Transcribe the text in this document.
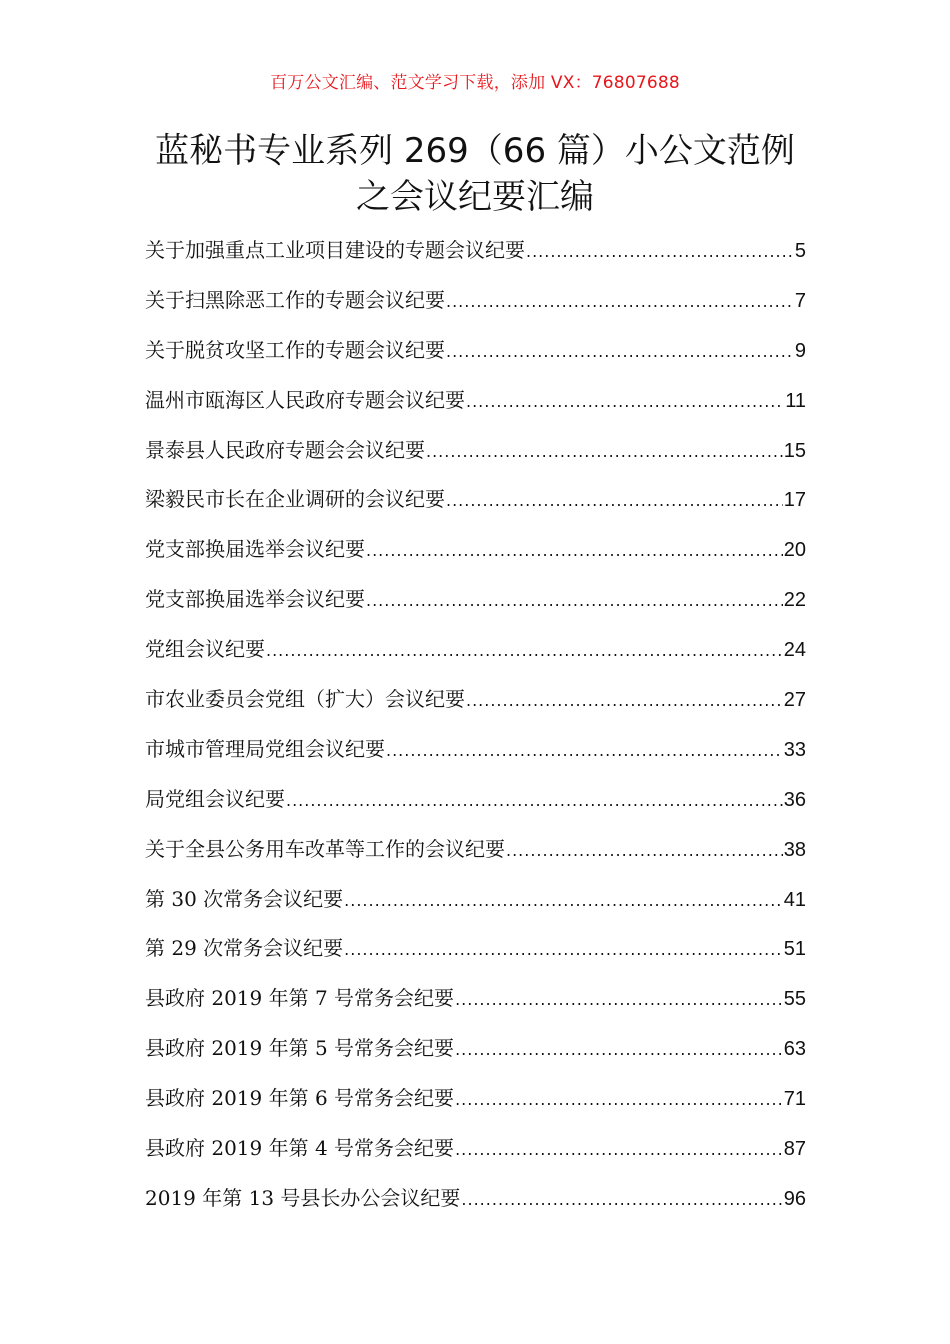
百万公文汇编、范文学习下载，添加 VX：76807688
蓝秘书专业系列 269（66 篇）小公文范例之会议纪要汇编
关于加强重点工业项目建设的专题会议纪要 .....	5
关于扫黑除恶工作的专题会议纪要 .....	7
关于脱贫攻坚工作的专题会议纪要 .....	9
温州市瓯海区人民政府专题会议纪要 .....	11
景泰县人民政府专题会会议纪要 .....	15
梁毅民市长在企业调研的会议纪要 .....	17
党支部换届选举会议纪要 .....	20
党支部换届选举会议纪要 .....	22
党组会议纪要 .....	24
市农业委员会党组（扩大）会议纪要 .....	27
市城市管理局党组会议纪要 .....	33
局党组会议纪要 .....	36
关于全县公务用车改革等工作的会议纪要 .....	38
第 30 次常务会议纪要 .....	41
第 29 次常务会议纪要 .....	51
县政府 2019 年第 7 号常务会纪要 .....	55
县政府 2019 年第 5 号常务会纪要 .....	63
县政府 2019 年第 6 号常务会纪要 .....	71
县政府 2019 年第 4 号常务会纪要 .....	87
2019 年第 13 号县长办公会议纪要 .....	96
